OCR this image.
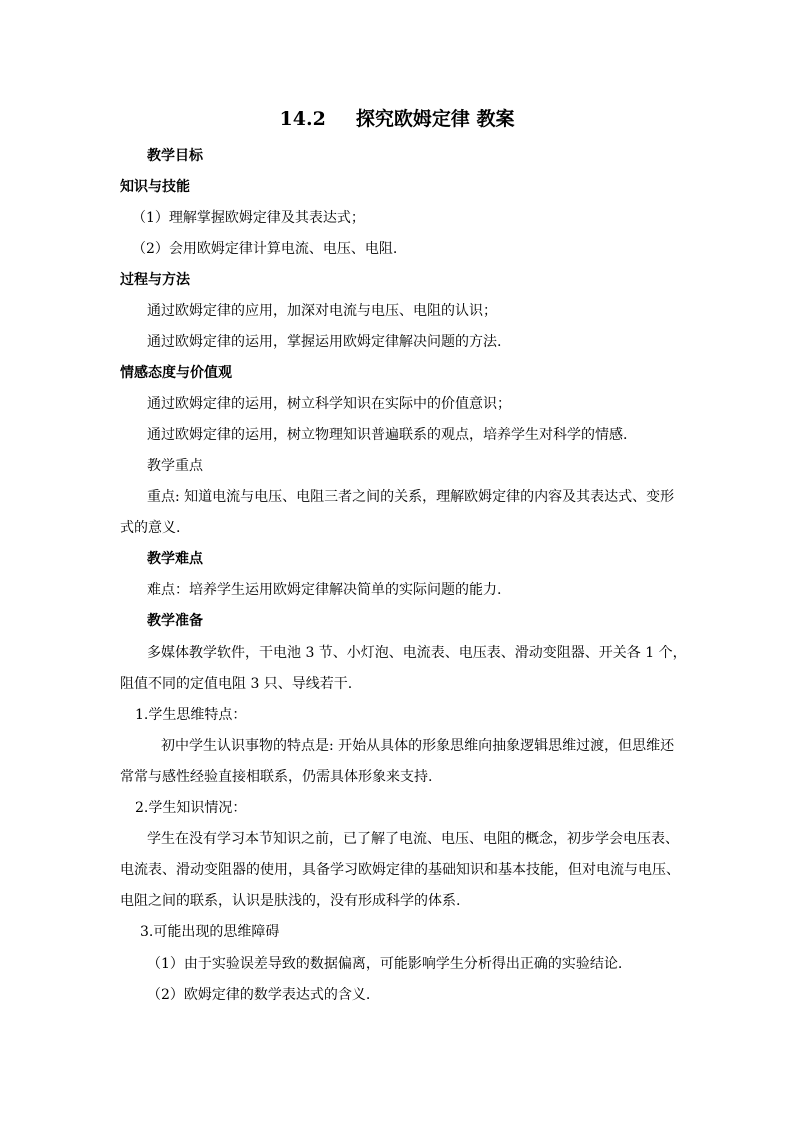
14.2 探究欧姆定律 教案
教学目标
知识与技能
（1）理解掌握欧姆定律及其表达式；
（2）会用欧姆定律计算电流、电压、电阻.
过程与方法
通过欧姆定律的应用，加深对电流与电压、电阻的认识；
通过欧姆定律的运用，掌握运用欧姆定律解决问题的方法.
情感态度与价值观
通过欧姆定律的运用，树立科学知识在实际中的价值意识；
通过欧姆定律的运用，树立物理知识普遍联系的观点，培养学生对科学的情感.
教学重点
重点: 知道电流与电压、电阻三者之间的关系，理解欧姆定律的内容及其表达式、变形
式的意义.
教学难点
难点：培养学生运用欧姆定律解决简单的实际问题的能力.
教学准备
多媒体教学软件，干电池 3 节、小灯泡、电流表、电压表、滑动变阻器、开关各 1 个，
阻值不同的定值电阻 3 只、导线若干.
1.学生思维特点：
初中学生认识事物的特点是: 开始从具体的形象思维向抽象逻辑思维过渡，但思维还
常常与感性经验直接相联系，仍需具体形象来支持.
2.学生知识情况：
学生在没有学习本节知识之前，已了解了电流、电压、电阻的概念，初步学会电压表、
电流表、滑动变阻器的使用，具备学习欧姆定律的基础知识和基本技能，但对电流与电压、
电阻之间的联系，认识是肤浅的，没有形成科学的体系.
3.可能出现的思维障碍
（1）由于实验误差导致的数据偏离，可能影响学生分析得出正确的实验结论.
（2）欧姆定律的数学表达式的含义.
